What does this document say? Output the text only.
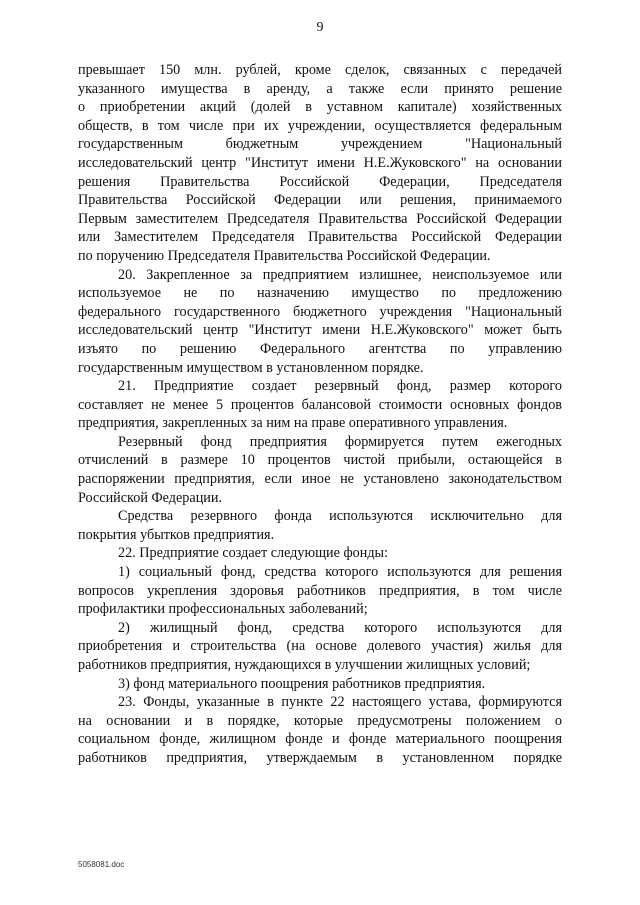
9
превышает 150 млн. рублей, кроме сделок, связанных с передачей
указанного имущества в аренду, а также если принято решение
о приобретении акций (долей в уставном капитале) хозяйственных
обществ, в том числе при их учреждении, осуществляется федеральным
государственным бюджетным учреждением "Национальный
исследовательский центр "Институт имени Н.Е.Жуковского" на основании
решения Правительства Российской Федерации, Председателя
Правительства Российской Федерации или решения, принимаемого
Первым заместителем Председателя Правительства Российской Федерации
или Заместителем Председателя Правительства Российской Федерации
по поручению Председателя Правительства Российской Федерации.
20. Закрепленное за предприятием излишнее, неиспользуемое или
используемое не по назначению имущество по предложению
федерального государственного бюджетного учреждения "Национальный
исследовательский центр "Институт имени Н.Е.Жуковского" может быть
изъято по решению Федерального агентства по управлению
государственным имуществом в установленном порядке.
21. Предприятие создает резервный фонд, размер которого
составляет не менее 5 процентов балансовой стоимости основных фондов
предприятия, закрепленных за ним на праве оперативного управления.
Резервный фонд предприятия формируется путем ежегодных
отчислений в размере 10 процентов чистой прибыли, остающейся в
распоряжении предприятия, если иное не установлено законодательством
Российской Федерации.
Средства резервного фонда используются исключительно для
покрытия убытков предприятия.
22. Предприятие создает следующие фонды:
1) социальный фонд, средства которого используются для решения
вопросов укрепления здоровья работников предприятия, в том числе
профилактики профессиональных заболеваний;
2) жилищный фонд, средства которого используются для
приобретения и строительства (на основе долевого участия) жилья для
работников предприятия, нуждающихся в улучшении жилищных условий;
3) фонд материального поощрения работников предприятия.
23. Фонды, указанные в пункте 22 настоящего устава, формируются
на основании и в порядке, которые предусмотрены положением о
социальном фонде, жилищном фонде и фонде материального поощрения
работников предприятия, утверждаемым в установленном порядке
5058081.doc
